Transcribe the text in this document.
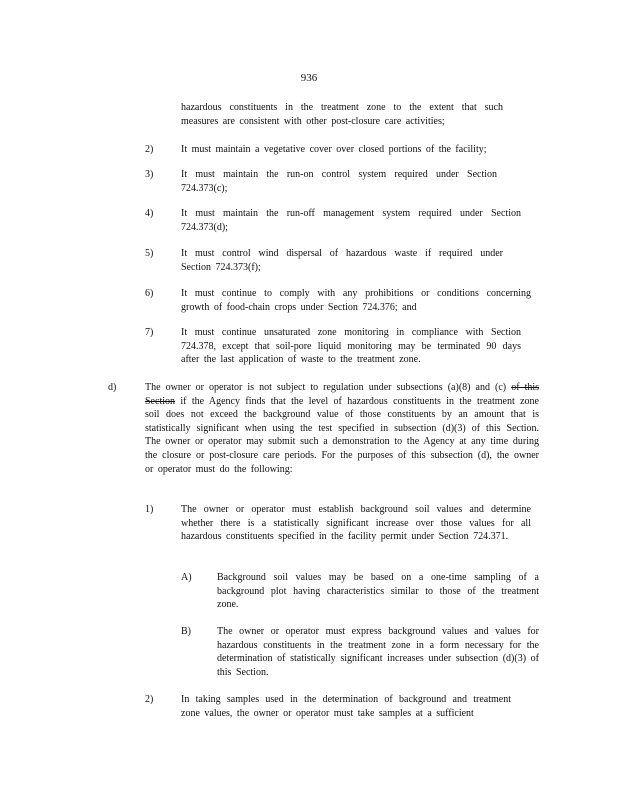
936
hazardous constituents in the treatment zone to the extent that such measures are consistent with other post-closure care activities;
2)	It must maintain a vegetative cover over closed portions of the facility;
3)	It must maintain the run-on control system required under Section 724.373(c);
4)	It must maintain the run-off management system required under Section 724.373(d);
5)	It must control wind dispersal of hazardous waste if required under Section 724.373(f);
6)	It must continue to comply with any prohibitions or conditions concerning growth of food-chain crops under Section 724.376; and
7)	It must continue unsaturated zone monitoring in compliance with Section 724.378, except that soil-pore liquid monitoring may be terminated 90 days after the last application of waste to the treatment zone.
d)	The owner or operator is not subject to regulation under subsections (a)(8) and (c) of this Section if the Agency finds that the level of hazardous constituents in the treatment zone soil does not exceed the background value of those constituents by an amount that is statistically significant when using the test specified in subsection (d)(3) of this Section. The owner or operator may submit such a demonstration to the Agency at any time during the closure or post-closure care periods. For the purposes of this subsection (d), the owner or operator must do the following:
1)	The owner or operator must establish background soil values and determine whether there is a statistically significant increase over those values for all hazardous constituents specified in the facility permit under Section 724.371.
A)	Background soil values may be based on a one-time sampling of a background plot having characteristics similar to those of the treatment zone.
B)	The owner or operator must express background values and values for hazardous constituents in the treatment zone in a form necessary for the determination of statistically significant increases under subsection (d)(3) of this Section.
2)	In taking samples used in the determination of background and treatment zone values, the owner or operator must take samples at a sufficient
